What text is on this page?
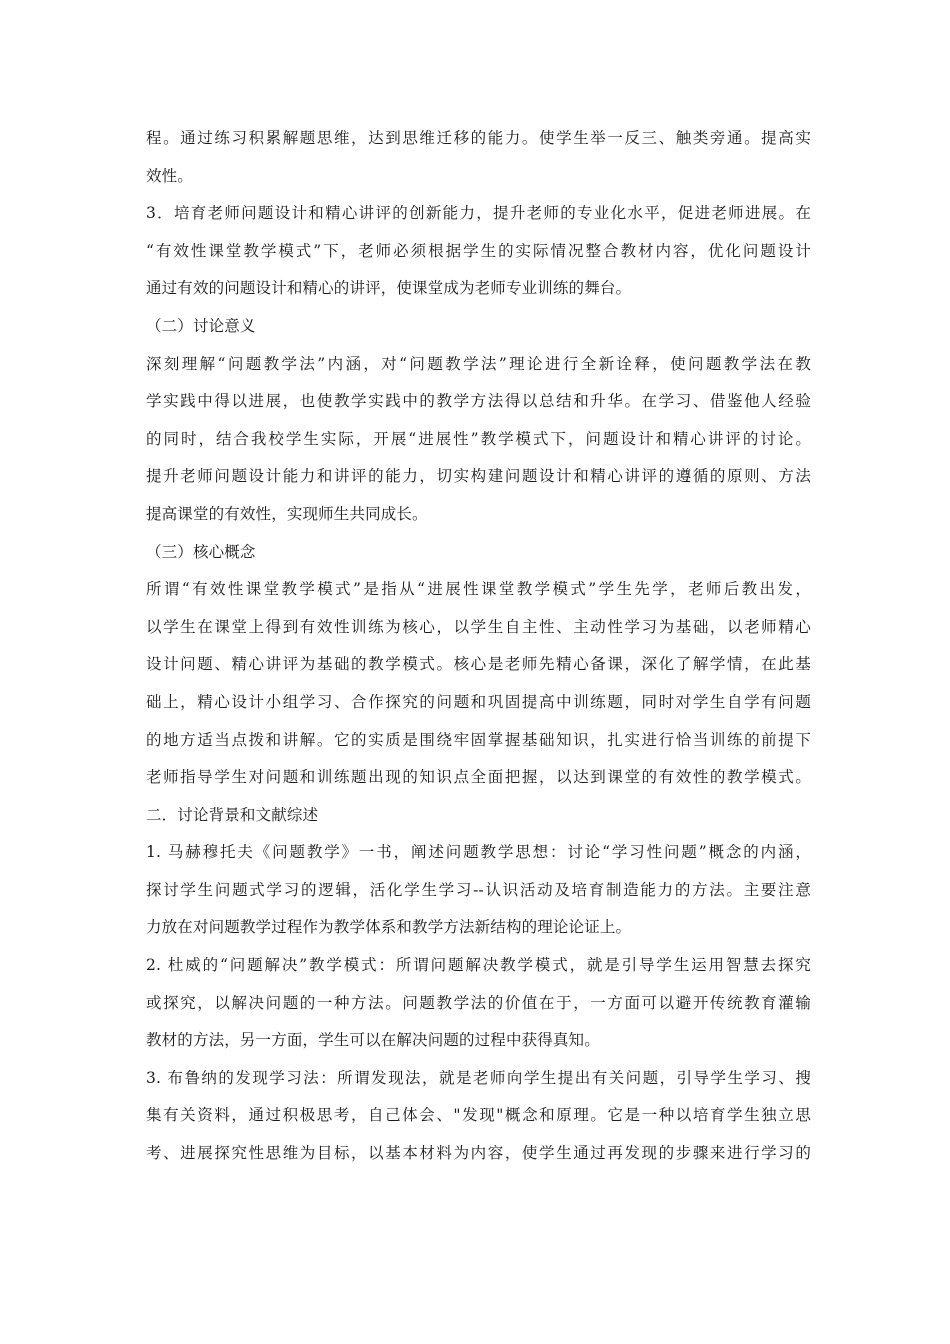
程。通过练习积累解题思维，达到思维迁移的能力。使学生举一反三、触类旁通。提高实
效性。
3．培育老师问题设计和精心讲评的创新能力，提升老师的专业化水平，促进老师进展。在
“有效性课堂教学模式”下，老师必须根据学生的实际情况整合教材内容，优化问题设计
通过有效的问题设计和精心的讲评，使课堂成为老师专业训练的舞台。
（二）讨论意义
深刻理解“问题教学法”内涵，对“问题教学法”理论进行全新诠释，使问题教学法在教
学实践中得以进展，也使教学实践中的教学方法得以总结和升华。在学习、借鉴他人经验
的同时，结合我校学生实际，开展“进展性”教学模式下，问题设计和精心讲评的讨论。
提升老师问题设计能力和讲评的能力，切实构建问题设计和精心讲评的遵循的原则、方法
提高课堂的有效性，实现师生共同成长。
（三）核心概念
所谓“有效性课堂教学模式”是指从“进展性课堂教学模式”学生先学，老师后教出发，
以学生在课堂上得到有效性训练为核心，以学生自主性、主动性学习为基础，以老师精心
设计问题、精心讲评为基础的教学模式。核心是老师先精心备课，深化了解学情，在此基
础上，精心设计小组学习、合作探究的问题和巩固提高中训练题，同时对学生自学有问题
的地方适当点拨和讲解。它的实质是围绕牢固掌握基础知识，扎实进行恰当训练的前提下
老师指导学生对问题和训练题出现的知识点全面把握，以达到课堂的有效性的教学模式。
二．讨论背景和文献综述
1. 马赫穆托夫《问题教学》一书，阐述问题教学思想：讨论“学习性问题”概念的内涵，
探讨学生问题式学习的逻辑，活化学生学习--认识活动及培育制造能力的方法。主要注意
力放在对问题教学过程作为教学体系和教学方法新结构的理论论证上。
2. 杜威的“问题解决”教学模式：所谓问题解决教学模式，就是引导学生运用智慧去探究
或探究，以解决问题的一种方法。问题教学法的价值在于，一方面可以避开传统教育灌输
教材的方法，另一方面，学生可以在解决问题的过程中获得真知。
3. 布鲁纳的发现学习法：所谓发现法，就是老师向学生提出有关问题，引导学生学习、搜
集有关资料，通过积极思考，自己体会、"发现"概念和原理。它是一种以培育学生独立思
考、进展探究性思维为目标，以基本材料为内容，使学生通过再发现的步骤来进行学习的
